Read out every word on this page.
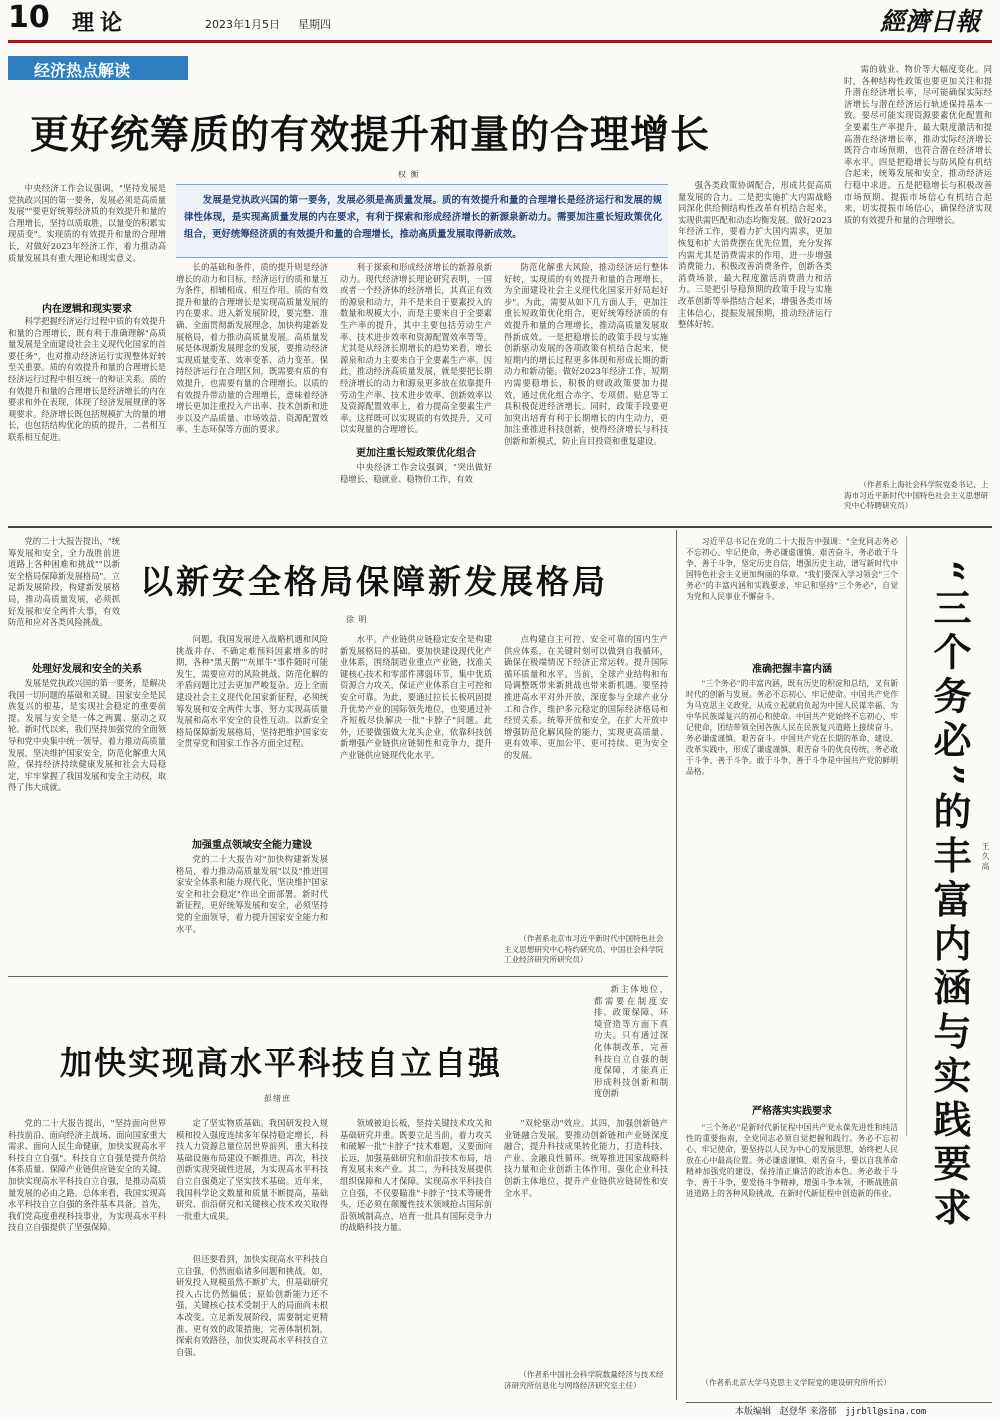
10 理论	2023年1月5日 星期四	經濟日報
经济热点解读
更好统筹质的有效提升和量的合理增长
权 衡
中央经济工作会议强调，"坚持发展是党执政兴国的第一要务，发展必须是高质量发展""要更好统筹经济质的有效提升和量的合理增长，坚持以质取胜，以量变的积累实现质变"。实现质的有效提升和量的合理增长，对做好2023年经济工作，着力推动高质量发展具有重大理论和现实意义。
发展是党执政兴国的第一要务，发展必须是高质量发展。质的有效提升和量的合理增长是经济运行和发展的规律性体现，是实现高质量发展的内在要求，有利于探索和形成经济增长的新源泉新动力。需要加注重长短政策优化组合，更好统筹经济质的有效提升和量的合理增长，推动高质量发展取得新成效。
内在逻辑和现实要求
科学把握经济运行过程中质的有效提升和量的合理增长，既有利于准确理解"高质量发展是全面建设社会主义现代化国家的首要任务"，也对推动经济运行实现整体好转至关重要。质的有效提升和量的合理增长是经济运行过程中相互统一的辩证关系。质的有效提升和量的合理增长是经济增长的内在要求和外在表现，体现了经济发展规律的客观要求。经济增长既包括规模扩大的量的增长，也包括结构优化的质的提升，二者相互联系相互促进。
长的基础和条件，质的提升则是经济增长的动力和目标，经济运行的质和量互为条件，相辅相成、相互作用。质的有效提升和量的合理增长是实现高质量发展的内在要求。进入新发展阶段，要完整、准确、全面贯彻新发展理念，加快构建新发展格局，着力推动高质量发展。高质量发展是体现新发展理念的发展，要推动经济实现质量变革、效率变革、动力变革。保持经济运行在合理区间，既需要有质的有效提升，也需要有量的合理增长。以质的有效提升带动量的合理增长，意味着经济增长更加注重投入产出率、技术创新和进步以及产品质量、市场效益、资源配置效率、生态环保等方面的要求。
利于探索和形成经济增长的新源泉新动力。现代经济增长理论研究表明，一国或者一个经济体的经济增长，其真正有效的源泉和动力，并不是来自于要素投入的数量和规模大小，而是主要来自于全要素生产率的提升，其中主要包括劳动生产率、技术进步效率和资源配置效率等等。尤其是从经济长期增长的趋势来看，增长源泉和动力主要来自于全要素生产率。因此，推动经济高质量发展，就是要把长期经济增长的动力和源泉更多放在依靠提升劳动生产率、技术进步效率、创新效率以及资源配置效率上，着力提高全要素生产率。这样既可以实现质的有效提升，又可以实现量的合理增长。
更加注重长短政策优化组合
中央经济工作会议强调，"突出做好稳增长、稳就业、稳物价工作，有效
防范化解重大风险，推动经济运行整体好转，实现质的有效提升和量的合理增长，为全面建设社会主义现代化国家开好局起好步"。为此，需要从如下几方面人手，更加注重长短政策优化组合，更好统筹经济质的有效提升和量的合理增长，推动高质量发展取得新成效。一是把稳增长的政策手段与实施创新驱动发展的各项政策有机结合起来，使短期内的增长过程更多体现和形成长期的新动力和新动能。做好2023年经济工作，短期内需要稳增长，积极的财政政策要加力提效，通过优化组合赤字、专项债、贴息等工具积极促进经济增长。同时，政策手段要更加突出培育有利于长期增长的内生动力，更加注重推进科技创新，使得经济增长与科技创新和新模式，防止盲目投资和重复建设。
强各类政策协调配合，形成共促高质量发展的合力。二是把实施扩大内需战略同深化供给侧结构性改革有机结合起来，实现供需匹配和动态均衡发展。做好2023年经济工作，要着力扩大国内需求，更加恢复和扩大消费摆在优先位置，充分发挥内需尤其是消费需求的作用，进一步增强消费能力，积极改善消费条件，创新各类消费场景，最大程度激活消费潜力和活力。三是把引导稳预期的政策手段与实施改革创新等举措结合起来，增强各类市场主体信心，提振发展预期，推动经济运行整体好转。
需的就业、物价等大幅度变化。同时，各种结构性政策也要更加关注和提升潜在经济增长率，尽可能确保实际经济增长与潜在经济运行轨迹保持基本一致。要尽可能实现资源要素优化配置和全要素生产率提升，最大限度激活和提高潜在经济增长率，推动实际经济增长既符合市场预期，也符合潜在经济增长率水平。四是把稳增长与防风险有机结合起来，统筹发展和安全，推动经济运行稳中求进。五是把稳增长与积极改善市场预期、提振市场信心有机结合起来，切实提振市场信心，确保经济实现质的有效提升和量的合理增长。
（作者系上海社会科学院党委书记、上海市习近平新时代中国特色社会主义思想研究中心特聘研究员）
党的二十大报告提出，"统筹发展和安全，全力战胜前进道路上各种困难和挑战""以新安全格局保障新发展格局"。立足新发展阶段，构建新发展格局，推动高质量发展，必须抓好发展和安全两件大事，有效防范和应对各类风险挑战。
以新安全格局保障新发展格局
徐 明
处理好发展和安全的关系
发展是党执政兴国的第一要务，是解决我国一切问题的基础和关键。国家安全是民族复兴的根基，是实现社会稳定的重要前提。发展与安全是一体之两翼、驱动之双轮。新时代以来，我们坚持加强党的全面领导和党中央集中统一领导，着力推动高质量发展，坚决维护国家安全，防范化解重大风险，保持经济持续健康发展和社会大局稳定，牢牢掌握了我国发展和安全主动权，取得了伟大成就。
问题。我国发展进入战略机遇和风险挑战并存、不确定难预料因素增多的时期，各种"黑天鹅""灰犀牛"事件随时可能发生，需要应对的风险挑战、防范化解的矛盾问题比过去更加严峻复杂。迈上全面建设社会主义现代化国家新征程，必须统筹发展和安全两件大事，努力实现高质量发展和高水平安全的良性互动。以新安全格局保障新发展格局，坚持把维护国家安全贯穿党和国家工作各方面全过程。
加强重点领域安全能力建设
党的二十大报告对"加快构建新发展格局，着力推动高质量发展"以及"推进国家安全体系和能力现代化，坚决维护国家安全和社会稳定"作出全面部署。新时代新征程，更好统筹发展和安全，必须坚持党的全面领导，着力提升国家安全能力和水平。
水平。产业链供应链稳定安全是构建新发展格局的基础。要加快建设现代化产业体系，围绕制造业重点产业链，找准关键核心技术和零部件薄弱环节，集中优质资源合力攻关，保证产业体系自主可控和安全可靠。为此，要通过拉长长板巩固提升优势产业的国际领先地位，也要通过补齐短板尽快解决一批"卡脖子"问题。此外，还要做强做大龙头企业，依靠科技创新增强产业链供应链韧性和竞争力，提升产业链供应链现代化水平。
点构建自主可控、安全可靠的国内生产供应体系，在关键时刻可以做到自我循环，确保在极端情况下经济正常运转。提升国际循环质量和水平。当前，全球产业结构和布局调整既带来新挑战也带来新机遇。要坚持推进高水平对外开放，深度参与全球产业分工和合作，维护多元稳定的国际经济格局和经贸关系。统筹开放和安全，在扩大开放中增强防范化解风险的能力，实现更高质量、更有效率、更加公平、更可持续、更为安全的发展。
（作者系北京市习近平新时代中国特色社会主义思想研究中心特约研究员、中国社会科学院工业经济研究所研究员）
加快实现高水平科技自立自强
彭绪庶
新主体地位，都需要在制度安排、政策保障、环境营造等方面下真功夫。只有通过深化体制改革，完善科技自立自强的制度保障，才能真正形成科技创新和制度创新
党的二十大报告提出，"坚持面向世界科技前沿、面向经济主战场、面向国家重大需求、面向人民生命健康，加快实现高水平科技自立自强"。科技自立自强是提升供给体系质量、保障产业链供应链安全的关键。加快实现高水平科技自立自强，是推动高质量发展的必由之路。总体来看，我国实现高水平科技自立自强的条件基本具备。首先，我们党高度重视科技事业，为实现高水平科技自立自强提供了坚强保障。
定了坚实物质基础。我国研发投入规模和投入强度连续多年保持稳定增长，科技人力资源总量位居世界前列，重大科技基础设施布局建设不断推进。再次，科技创新实现突破性进展，为实现高水平科技自立自强奠定了坚实技术基础。近年来，我国科学论文数量和质量不断提高，基础研究、前沿研究和关键核心技术攻关取得一批重大成果。
但还要看到，加快实现高水平科技自立自强，仍然面临诸多问题和挑战。如，研发投入规模虽然不断扩大，但基础研究投入占比仍然偏低；原始创新能力还不强，关键核心技术受制于人的局面尚未根本改变。立足新发展阶段，需要制定更精准、更有效的政策措施，完善体制机制，探索有效路径，加快实现高水平科技自立自强。
领域被迫长板，坚持关键技术攻关和基础研究并重。既要立足当前，着力攻关和破解一批"卡脖子"技术难题，又要面向长远，加强基础研究和前沿技术布局，培育发展未来产业。其二，为科技发展提供组织保障和人才保障。实现高水平科技自立自强，不仅要瞄准"卡脖子"技术等硬骨头，还必须在颠覆性技术领域抢占国际前沿领域制高点，培育一批具有国际竞争力的战略科技力量。
"双轮驱动"效应。其四，加强创新链产业链融合发展。要推动创新链和产业链深度融合，提升科技成果转化能力，打造科技、产业、金融良性循环。统筹推进国家战略科技力量和企业创新主体作用，强化企业科技创新主体地位，提升产业链供应链韧性和安全水平。
（作者系中国社会科学院数量经济与技术经济研究所信息化与网络经济研究室主任）
习近平总书记在党的二十大报告中强调："全党同志务必不忘初心、牢记使命，务必谦虚谨慎、艰苦奋斗，务必敢于斗争、善于斗争，坚定历史自信，增强历史主动，谱写新时代中国特色社会主义更加绚丽的华章。"我们要深入学习领会"三个务必"的丰富内涵和实践要求，牢记和坚持"三个务必"，自觉为党和人民事业不懈奋斗。
准确把握丰富内涵
"三个务必"的丰富内涵，既有历史的积淀和总结，又有新时代的创新与发展。务必不忘初心、牢记使命。中国共产党作为马克思主义政党，从成立起就肩负起为中国人民谋幸福、为中华民族谋复兴的初心和使命。中国共产党始终不忘初心、牢记使命，团结带领全国各族人民在民族复兴道路上接续奋斗。务必谦虚谨慎、艰苦奋斗。中国共产党在长期的革命、建设、改革实践中，形成了谦虚谨慎、艰苦奋斗的优良传统。务必敢于斗争、善于斗争。敢于斗争、善于斗争是中国共产党的鲜明品格。
严格落实实践要求
"三个务必"是新时代新征程中国共产党永葆先进性和纯洁性的重要指南，全党同志必须自觉把握和践行。务必不忘初心、牢记使命，要坚持以人民为中心的发展思想，始终把人民放在心中最高位置。务必谦虚谨慎、艰苦奋斗，要以自我革命精神加强党的建设，保持清正廉洁的政治本色。务必敢于斗争、善于斗争，要发扬斗争精神，增强斗争本领，不断战胜前进道路上的各种风险挑战，在新时代新征程中创造新的伟业。
（作者系北京大学马克思主义学院党的建设研究所所长）
“三个务必”的丰富内涵与实践要求	王久高
本版编辑 赵登华 来洛郁 jjrbll@sina.com
